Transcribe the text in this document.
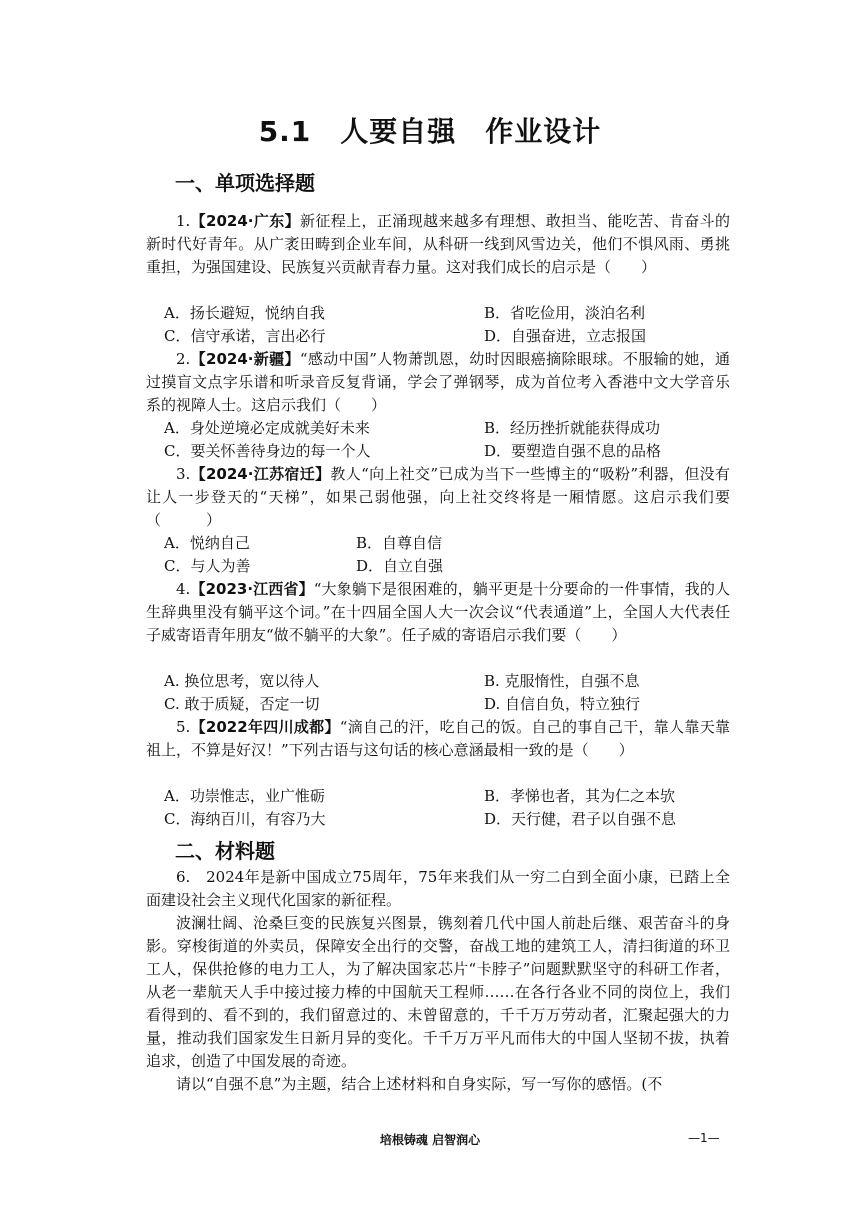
5.1　人要自强　作业设计
一、单项选择题

1.【2024·广东】新征程上，正涌现越来越多有理想、敢担当、能吃苦、肯奋斗的新时代好青年。从广袤田畴到企业车间，从科研一线到风雪边关，他们不惧风雨、勇挑重担，为强国建设、民族复兴贡献青春力量。这对我们成长的启示是（　　）

A．扬长避短，悦纳自我	B．省吃俭用，淡泊名利
C．信守承诺，言出必行	D．自强奋进，立志报国

2.【2024·新疆】“感动中国”人物萧凯恩，幼时因眼癌摘除眼球。不服输的她，通过摸盲文点字乐谱和听录音反复背诵，学会了弹钢琴，成为首位考入香港中文大学音乐系的视障人士。这启示我们（　　）

A．身处逆境必定成就美好未来	B．经历挫折就能获得成功
C．要关怀善待身边的每一个人	D．要塑造自强不息的品格

3.【2024·江苏宿迁】教人“向上社交”已成为当下一些博主的“吸粉”利器，但没有让人一步登天的“天梯”，如果己弱他强，向上社交终将是一厢情愿。这启示我们要（　　　）

A．悦纳自己	B．自尊自信
C．与人为善	D．自立自强

4.【2023·江西省】“大象躺下是很困难的，躺平更是十分要命的一件事情，我的人生辞典里没有躺平这个词。”在十四届全国人大一次会议“代表通道”上，全国人大代表任子威寄语青年朋友“做不躺平的大象”。任子威的寄语启示我们要（　　）

A. 换位思考，宽以待人	B. 克服惰性，自强不息
C. 敢于质疑，否定一切	D. 自信自负，特立独行

5.【2022年四川成都】“滴自己的汗，吃自己的饭。自己的事自己干，靠人靠天靠祖上，不算是好汉！”下列古语与这句话的核心意涵最相一致的是（　　）

A．功崇惟志，业广惟砺	B．孝悌也者，其为仁之本欤
C．海纳百川，有容乃大	D．天行健，君子以自强不息
二、材料题

6.　2024年是新中国成立75周年，75年来我们从一穷二白到全面小康，已踏上全面建设社会主义现代化国家的新征程。

波澜壮阔、沧桑巨变的民族复兴图景，镌刻着几代中国人前赴后继、艰苦奋斗的身影。穿梭街道的外卖员，保障安全出行的交警，奋战工地的建筑工人，清扫街道的环卫工人，保供抢修的电力工人，为了解决国家芯片“卡脖子”问题默默坚守的科研工作者，从老一辈航天人手中接过接力棒的中国航天工程师……在各行各业不同的岗位上，我们看得到的、看不到的，我们留意过的、未曾留意的，千千万万劳动者，汇聚起强大的力量，推动我们国家发生日新月异的变化。千千万万平凡而伟大的中国人坚韧不拔，执着追求，创造了中国发展的奇迹。

请以“自强不息”为主题，结合上述材料和自身实际，写一写你的感悟。(不

培根铸魂 启智润心	—1—
